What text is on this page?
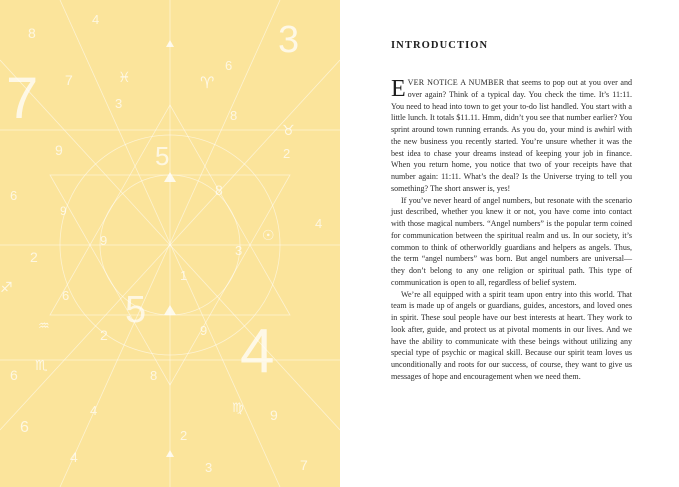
7
3
4
5
5
8
4
6
7
3
8
9	2
6	8
9
4
3
2
6
1
2	9
6	8
6
4
2
9
4
3	7
9
♈
♓
♉
♏
♍
♒
♐
☉
INTRODUCTION

EVER NOTICE A NUMBER that seems to pop out at you over and over again? Think of a typical day. You check the time. It’s 11:11. You need to head into town to get your to-do list handled. You start with a little lunch. It totals $11.11. Hmm, didn’t you see that number earlier? You sprint around town running errands. As you do, your mind is awhirl with the new business you recently started. You’re unsure whether it was the best idea to chase your dreams instead of keeping your job in finance. When you return home, you notice that two of your receipts have that number again: 11:11. What’s the deal? Is the Universe trying to tell you something? The short answer is, yes!

If you’ve never heard of angel numbers, but resonate with the scenario just described, whether you knew it or not, you have come into contact with those magical numbers. “Angel numbers” is the popular term coined for communication between the spiritual realm and us. In our society, it’s common to think of otherworldly guardians and helpers as angels. Thus, the term “angel numbers” was born. But angel numbers are universal—they don’t belong to any one religion or spiritual path. This type of communication is open to all, regardless of belief system.

We’re all equipped with a spirit team upon entry into this world. That team is made up of angels or guardians, guides, ancestors, and loved ones in spirit. These soul people have our best interests at heart. They work to look after, guide, and protect us at pivotal moments in our lives. And we have the ability to communicate with these beings without utilizing any special type of psychic or magical skill. Because our spirit team loves us unconditionally and roots for our success, of course, they want to give us messages of hope and encouragement when we need them.
